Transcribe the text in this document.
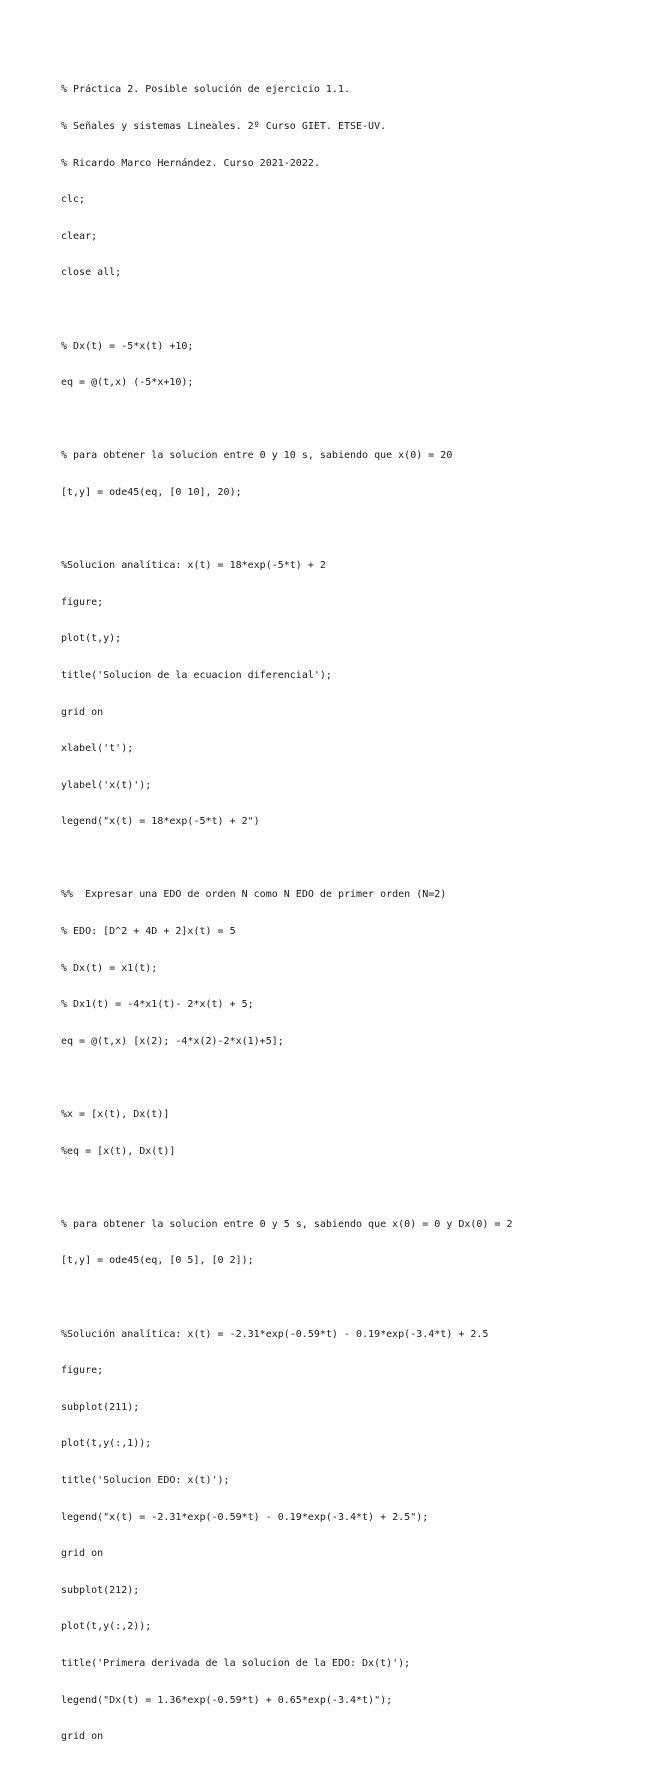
% Práctica 2. Posible solución de ejercicio 1.1.

% Señales y sistemas Lineales. 2º Curso GIET. ETSE-UV.

% Ricardo Marco Hernández. Curso 2021-2022.

clc;

clear;

close all;

% Dx(t) = -5*x(t) +10;

eq = @(t,x) (-5*x+10);

% para obtener la solucion entre 0 y 10 s, sabiendo que x(0) = 20

[t,y] = ode45(eq, [0 10], 20);

%Solucion analítica: x(t) = 18*exp(-5*t) + 2

figure;

plot(t,y);

title('Solucion de la ecuacion diferencial');

grid on

xlabel('t');

ylabel('x(t)');

legend("x(t) = 18*exp(-5*t) + 2")

%%  Expresar una EDO de orden N como N EDO de primer orden (N=2)

% EDO: [D^2 + 4D + 2]x(t) = 5

% Dx(t) = x1(t);

% Dx1(t) = -4*x1(t)- 2*x(t) + 5;

eq = @(t,x) [x(2); -4*x(2)-2*x(1)+5];

%x = [x(t), Dx(t)]

%eq = [x(t), Dx(t)]

% para obtener la solucion entre 0 y 5 s, sabiendo que x(0) = 0 y Dx(0) = 2

[t,y] = ode45(eq, [0 5], [0 2]);

%Solución analítica: x(t) = -2.31*exp(-0.59*t) - 0.19*exp(-3.4*t) + 2.5

figure;

subplot(211);

plot(t,y(:,1));

title('Solucion EDO: x(t)');

legend("x(t) = -2.31*exp(-0.59*t) - 0.19*exp(-3.4*t) + 2.5");

grid on

subplot(212);

plot(t,y(:,2));

title('Primera derivada de la solucion de la EDO: Dx(t)');

legend("Dx(t) = 1.36*exp(-0.59*t) + 0.65*exp(-3.4*t)");

grid on
